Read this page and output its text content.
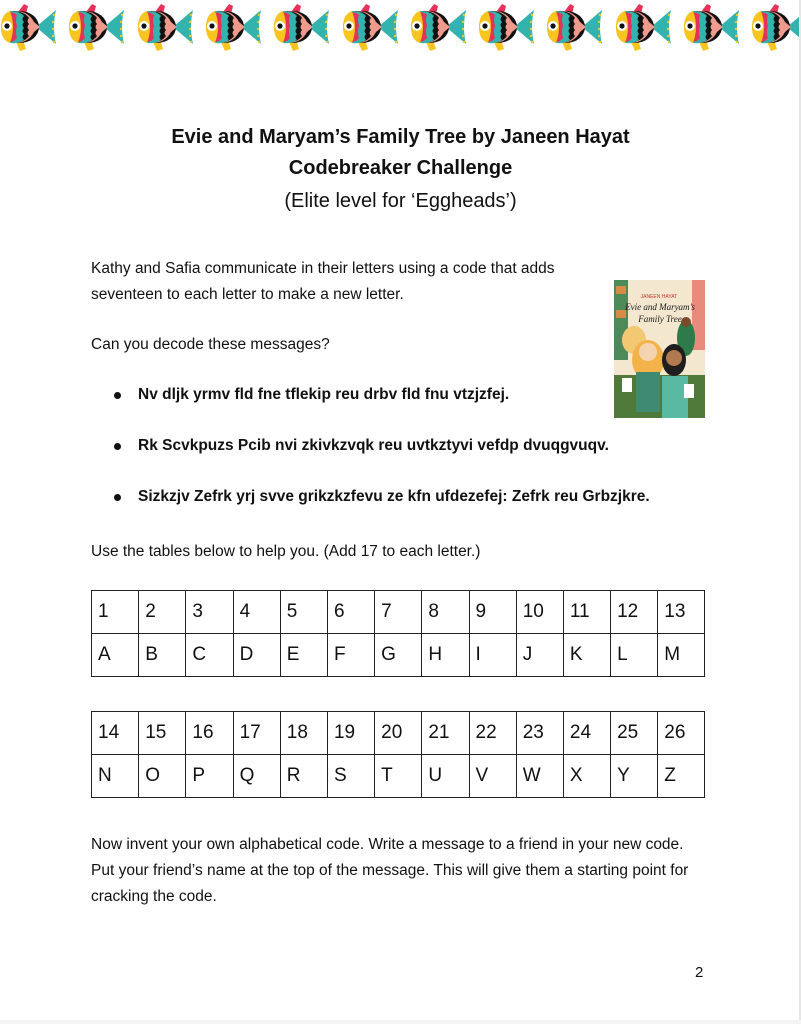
Evie and Maryam’s Family Tree by Janeen Hayat
Codebreaker Challenge
(Elite level for ‘Eggheads’)

Kathy and Safia communicate in their letters using a code that adds seventeen to each letter to make a new letter.

Can you decode these messages?

JANEEN HAYAT
Evie and Maryam’s
Family Tree
Nv dljk yrmv fld fne tflekip reu drbv fld fnu vtzjzfej.
Rk Scvkpuzs Pcib nvi zkivkzvqk reu uvtkztyvi vefdp dvuqgvuqv.
Sizkzjv Zefrk yrj svve grikzkzfevu ze kfn ufdezefej: Zefrk reu Grbzjkre.

Use the tables below to help you. (Add 17 to each letter.)

1	2	3	4	5	6	7	8	9	10	11	12	13
A	B	C	D	E	F	G	H	I	J	K	L	M
14	15	16	17	18	19	20	21	22	23	24	25	26
N	O	P	Q	R	S	T	U	V	W	X	Y	Z

Now invent your own alphabetical code. Write a message to a friend in your new code.

Put your friend’s name at the top of the message. This will give them a starting point for cracking the code.

2
